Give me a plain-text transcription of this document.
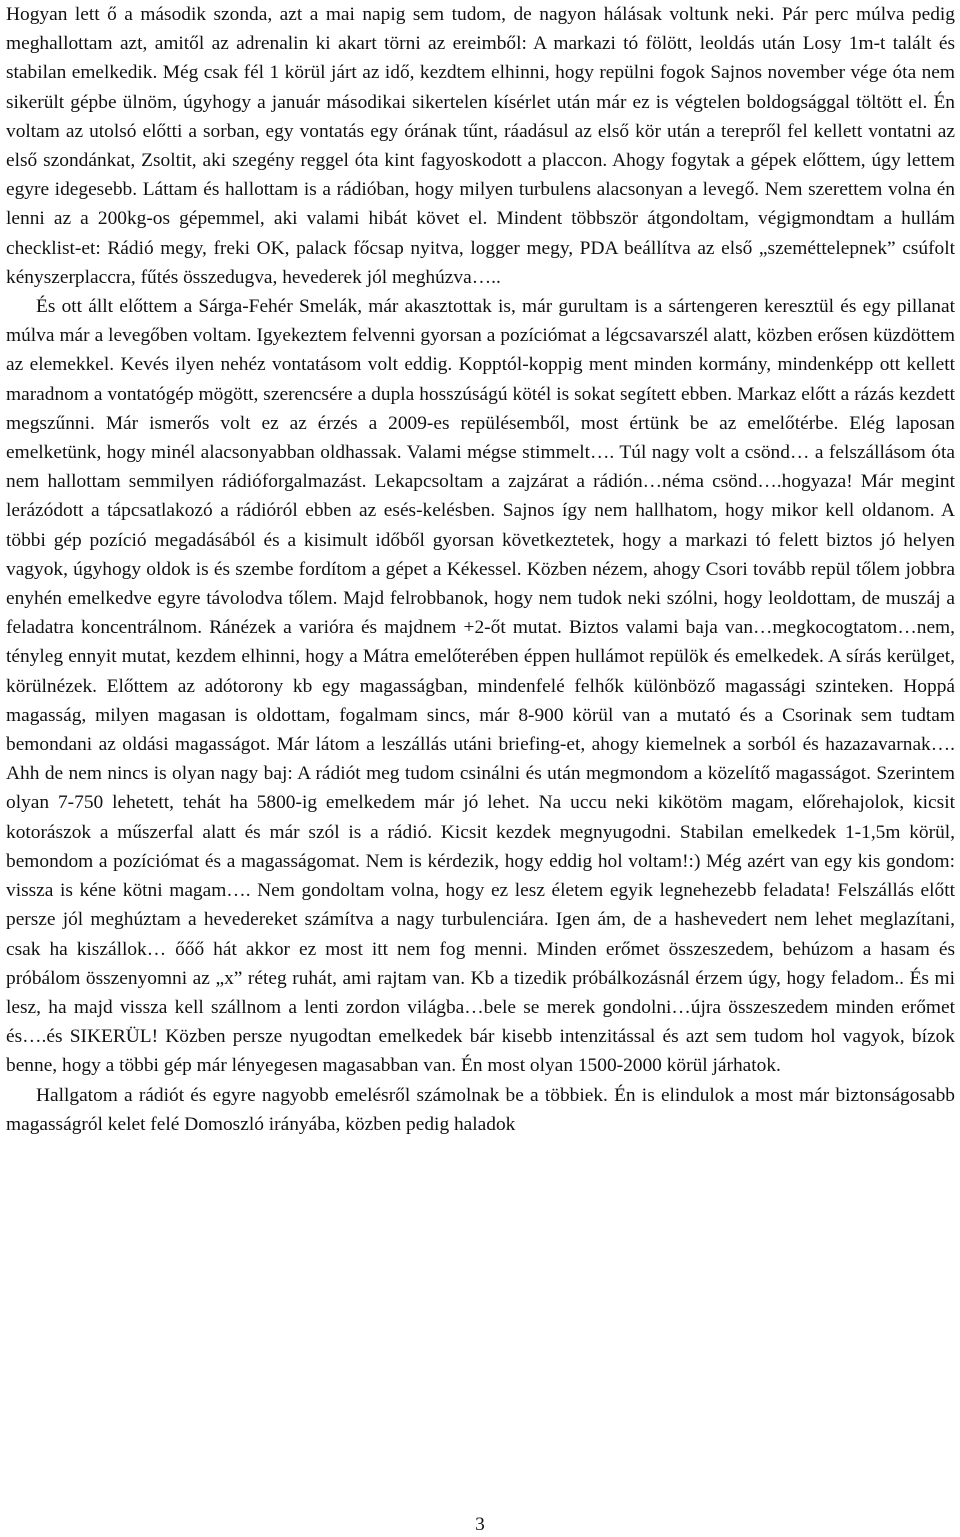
Hogyan lett ő a második szonda, azt a mai napig sem tudom, de nagyon hálásak voltunk neki. Pár perc múlva pedig meghallottam azt, amitől az adrenalin ki akart törni az ereimből: A markazi tó fölött, leoldás után Losy 1m-t talált és stabilan emelkedik. Még csak fél 1 körül járt az idő, kezdtem elhinni, hogy repülni fogok Sajnos november vége óta nem sikerült gépbe ülnöm, úgyhogy a január másodikai sikertelen kísérlet után már ez is végtelen boldogsággal töltött el. Én voltam az utolsó előtti a sorban, egy vontatás egy órának tűnt, ráadásul az első kör után a terepről fel kellett vontatni az első szondánkat, Zsoltit, aki szegény reggel óta kint fagyoskodott a placcon. Ahogy fogytak a gépek előttem, úgy lettem egyre idegesebb. Láttam és hallottam is a rádióban, hogy milyen turbulens alacsonyan a levegő. Nem szerettem volna én lenni az a 200kg-os gépemmel, aki valami hibát követ el. Mindent többször átgondoltam, végigmondtam a hullám checklist-et: Rádió megy, freki OK, palack főcsap nyitva, logger megy, PDA beállítva az első „szeméttelepnek” csúfolt kényszerplaccra, fűtés összedugva, hevederek jól meghúzva…..

És ott állt előttem a Sárga-Fehér Smelák, már akasztottak is, már gurultam is a sártengeren keresztül és egy pillanat múlva már a levegőben voltam. Igyekeztem felvenni gyorsan a pozíciómat a légcsavarszél alatt, közben erősen küzdöttem az elemekkel. Kevés ilyen nehéz vontatásom volt eddig. Kopptól-koppig ment minden kormány, mindenképp ott kellett maradnom a vontatógép mögött, szerencsére a dupla hosszúságú kötél is sokat segített ebben. Markaz előtt a rázás kezdett megszűnni. Már ismerős volt ez az érzés a 2009-es repülésemből, most értünk be az emelőtérbe. Elég laposan emelketünk, hogy minél alacsonyabban oldhassak. Valami mégse stimmelt…. Túl nagy volt a csönd… a felszállásom óta nem hallottam semmilyen rádióforgalmazást. Lekapcsoltam a zajzárat a rádión…néma csönd….hogyaza! Már megint lerázódott a tápcsatlakozó a rádióról ebben az esés-kelésben. Sajnos így nem hallhatom, hogy mikor kell oldanom. A többi gép pozíció megadásából és a kisimult időből gyorsan következtetek, hogy a markazi tó felett biztos jó helyen vagyok, úgyhogy oldok is és szembe fordítom a gépet a Kékessel. Közben nézem, ahogy Csori tovább repül tőlem jobbra enyhén emelkedve egyre távolodva tőlem. Majd felrobbanok, hogy nem tudok neki szólni, hogy leoldottam, de muszáj a feladatra koncentrálnom. Ránézek a varióra és majdnem +2-őt mutat. Biztos valami baja van…megkocogtatom…nem, tényleg ennyit mutat, kezdem elhinni, hogy a Mátra emelőterében éppen hullámot repülök és emelkedek. A sírás kerülget, körülnézek. Előttem az adótorony kb egy magasságban, mindenfelé felhők különböző magassági szinteken. Hoppá magasság, milyen magasan is oldottam, fogalmam sincs, már 8-900 körül van a mutató és a Csorinak sem tudtam bemondani az oldási magasságot. Már látom a leszállás utáni briefing-et, ahogy kiemelnek a sorból és hazazavarnak…. Ahh de nem nincs is olyan nagy baj: A rádiót meg tudom csinálni és után megmondom a közelítő magasságot. Szerintem olyan 7-750 lehetett, tehát ha 5800-ig emelkedem már jó lehet. Na uccu neki kikötöm magam, előrehajolok, kicsit kotorászok a műszerfal alatt és már szól is a rádió. Kicsit kezdek megnyugodni. Stabilan emelkedek 1-1,5m körül, bemondom a pozíciómat és a magasságomat. Nem is kérdezik, hogy eddig hol voltam!:) Még azért van egy kis gondom: vissza is kéne kötni magam…. Nem gondoltam volna, hogy ez lesz életem egyik legnehezebb feladata! Felszállás előtt persze jól meghúztam a hevedereket számítva a nagy turbulenciára. Igen ám, de a hashevedert nem lehet meglazítani, csak ha kiszállok… őőő hát akkor ez most itt nem fog menni. Minden erőmet összeszedem, behúzom a hasam és próbálom összenyomni az „x” réteg ruhát, ami rajtam van. Kb a tizedik próbálkozásnál érzem úgy, hogy feladom.. És mi lesz, ha majd vissza kell szállnom a lenti zordon világba…bele se merek gondolni…újra összeszedem minden erőmet és….és SIKERÜL! Közben persze nyugodtan emelkedek bár kisebb intenzitással és azt sem tudom hol vagyok, bízok benne, hogy a többi gép már lényegesen magasabban van. Én most olyan 1500-2000 körül járhatok.

Hallgatom a rádiót és egyre nagyobb emelésről számolnak be a többiek. Én is elindulok a most már biztonságosabb magasságról kelet felé Domoszló irányába, közben pedig haladok

3
